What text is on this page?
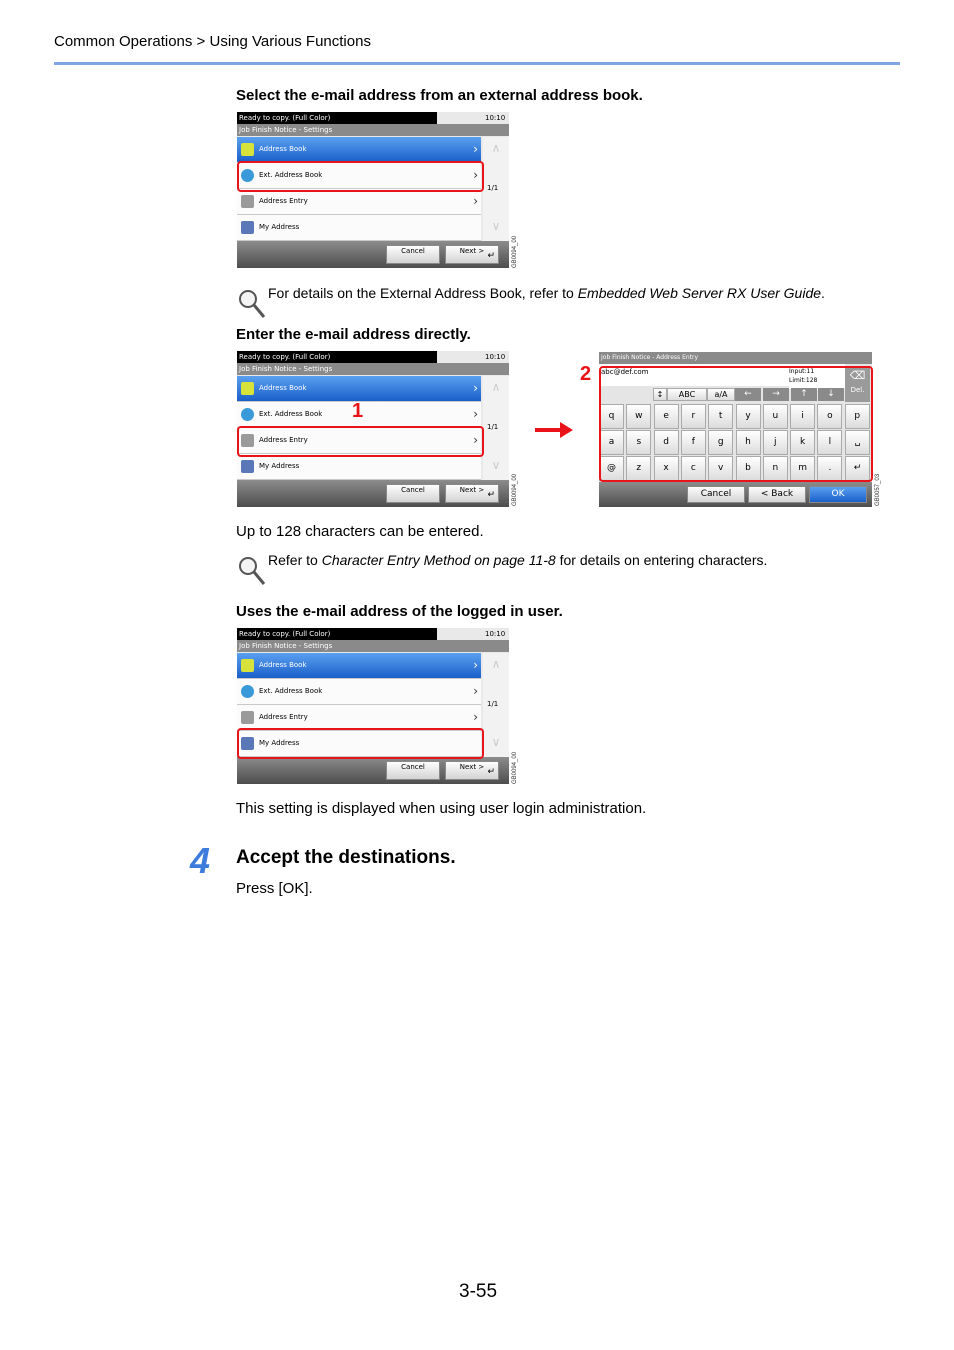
Common Operations > Using Various Functions
Select the e-mail address from an external address book.
Ready to copy. (Full Color)	10:10
Job Finish Notice - Settings
Address Book	›
Ext. Address Book	›
Address Entry	›
My Address
∧
∨
1/1
Cancel	Next > ↵	GB0094_00
For details on the External Address Book, refer to Embedded Web Server RX User Guide.
Enter the e-mail address directly.
Ready to copy. (Full Color)	10:10
Job Finish Notice - Settings
Address Book	›
Ext. Address Book	›
Address Entry	›
My Address
∧
∨
1/1
Cancel	Next > ↵	GB0094_00
1
Job Finish Notice - Address Entry
abc@def.com	Input:11
Limit:128	⌫
Del.
↕	ABC	a/A	←	→	↑	↓
q	w	e	r	t	y	u	i	o	p
a	s	d	f	g	h	j	k	l
@	z	x	c	v	b	n	m	.
␣
↵
Cancel	< Back	OK	GB0057_03
2
Up to 128 characters can be entered.
Refer to Character Entry Method on page 11-8 for details on entering characters.
Uses the e-mail address of the logged in user.
Ready to copy. (Full Color)	10:10
Job Finish Notice - Settings
Address Book	›
Ext. Address Book	›
Address Entry	›
My Address
∧
∨
1/1
Cancel	Next > ↵	GB0094_00
This setting is displayed when using user login administration.
4 Accept the destinations.
Press [OK].
3-55
